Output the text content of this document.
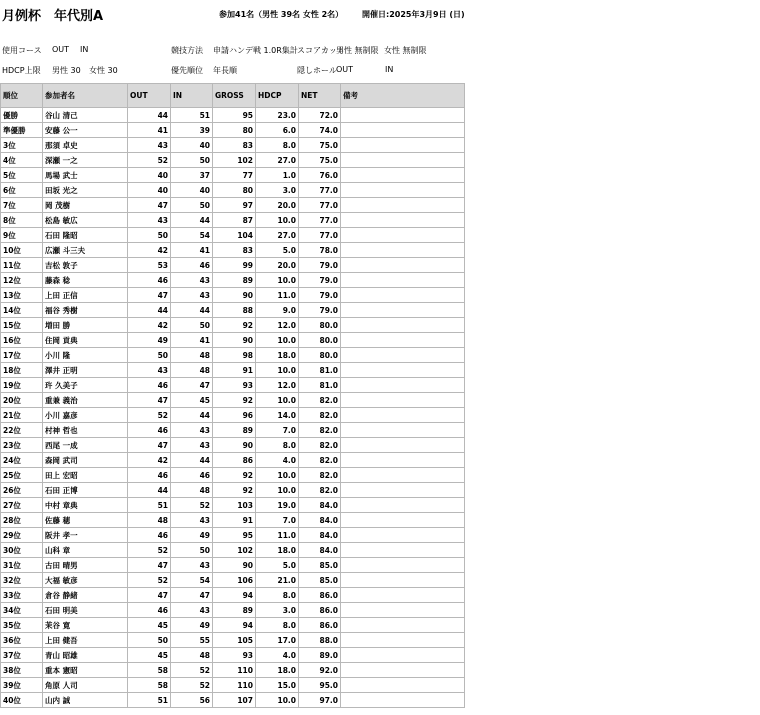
月例杯　年代別A	参加41名（男性 39名 女性 2名） 開催日:2025年3月9日 (日)
使用コース OUT IN	競技方法 申請ハンデ戦 1.0R集計 スコアカット
男性 無制限 女性 無制限
HDCP上限 男性 30 女性 30	優先順位 年長順	隠しホール OUT	IN
順位	参加者名	OUT	IN	GROSS	HDCP	NET	備考
優勝	谷山 清己	44	51	95	23.0	72.0	
準優勝	安藤 公一	41	39	80	6.0	74.0	
3位	那須 卓史	43	40	83	8.0	75.0	
4位	深瀬 一之	52	50	102	27.0	75.0	
5位	馬場 武士	40	37	77	1.0	76.0	
6位	田坂 光之	40	40	80	3.0	77.0	
7位	岡 茂樹	47	50	97	20.0	77.0	
8位	松島 敏広	43	44	87	10.0	77.0	
9位	石田 隆昭	50	54	104	27.0	77.0	
10位	広瀬 斗三夫	42	41	83	5.0	78.0	
11位	吉松 敦子	53	46	99	20.0	79.0	
12位	藤森 稔	46	43	89	10.0	79.0	
13位	上田 正信	47	43	90	11.0	79.0	
14位	福谷 秀樹	44	44	88	9.0	79.0	
15位	増田 勝	42	50	92	12.0	80.0	
16位	住岡 貢典	49	41	90	10.0	80.0	
17位	小川 隆	50	48	98	18.0	80.0	
18位	澤井 正明	43	48	91	10.0	81.0	
19位	玝 久美子	46	47	93	12.0	81.0	
20位	重兼 義治	47	45	92	10.0	82.0	
21位	小川 嘉彦	52	44	96	14.0	82.0	
22位	村神 哲也	46	43	89	7.0	82.0	
23位	西尾 一成	47	43	90	8.0	82.0	
24位	森岡 武司	42	44	86	4.0	82.0	
25位	田上 宏昭	46	46	92	10.0	82.0	
26位	石田 正博	44	48	92	10.0	82.0	
27位	中村 章典	51	52	103	19.0	84.0	
28位	佐藤 穂	48	43	91	7.0	84.0	
29位	阪井 孝一	46	49	95	11.0	84.0	
30位	山科 章	52	50	102	18.0	84.0	
31位	古田 晴男	47	43	90	5.0	85.0	
32位	大福 敏彦	52	54	106	21.0	85.0	
33位	倉谷 静緒	47	47	94	8.0	86.0	
34位	石田 明美	46	43	89	3.0	86.0	
35位	茉谷 寛	45	49	94	8.0	86.0	
36位	上田 健吾	50	55	105	17.0	88.0	
37位	青山 昭雄	45	48	93	4.0	89.0	
38位	重本 憲昭	58	52	110	18.0	92.0	
39位	角原 人司	58	52	110	15.0	95.0	
40位	山内 誠	51	56	107	10.0	97.0	
